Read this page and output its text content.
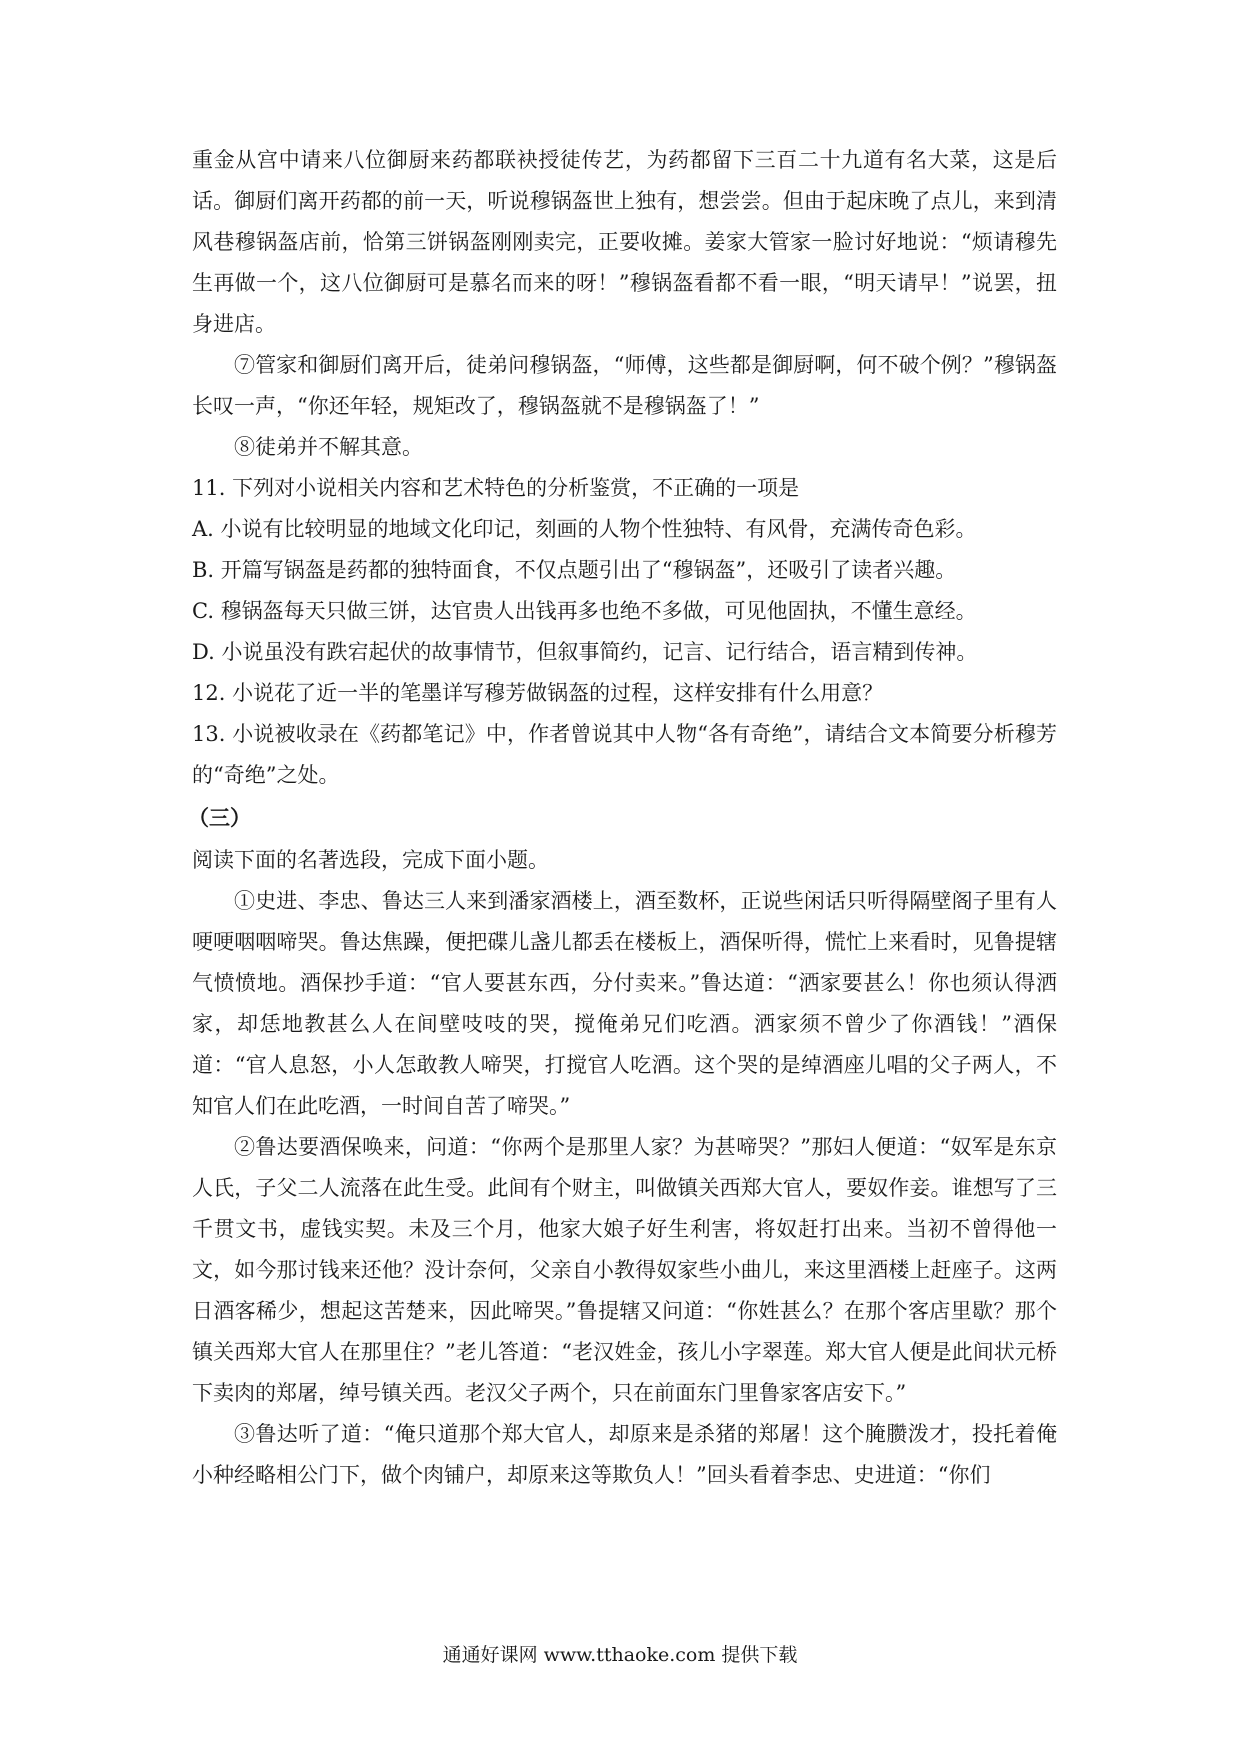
重金从宫中请来八位御厨来药都联袂授徒传艺，为药都留下三百二十九道有名大菜，这是后话。御厨们离开药都的前一天，听说穆锅盔世上独有，想尝尝。但由于起床晚了点儿，来到清风巷穆锅盔店前，恰第三饼锅盔刚刚卖完，正要收摊。姜家大管家一脸讨好地说：“烦请穆先生再做一个，这八位御厨可是慕名而来的呀！”穆锅盔看都不看一眼，“明天请早！”说罢，扭身进店。

⑦管家和御厨们离开后，徒弟问穆锅盔，“师傅，这些都是御厨啊，何不破个例？”穆锅盔长叹一声，“你还年轻，规矩改了，穆锅盔就不是穆锅盔了！”

⑧徒弟并不解其意。

11. 下列对小说相关内容和艺术特色的分析鉴赏，不正确的一项是

A. 小说有比较明显的地域文化印记，刻画的人物个性独特、有风骨，充满传奇色彩。

B. 开篇写锅盔是药都的独特面食，不仅点题引出了“穆锅盔”，还吸引了读者兴趣。

C. 穆锅盔每天只做三饼，达官贵人出钱再多也绝不多做，可见他固执，不懂生意经。

D. 小说虽没有跌宕起伏的故事情节，但叙事简约，记言、记行结合，语言精到传神。

12. 小说花了近一半的笔墨详写穆芳做锅盔的过程，这样安排有什么用意？

13. 小说被收录在《药都笔记》中，作者曾说其中人物“各有奇绝”，请结合文本简要分析穆芳的“奇绝”之处。

（三）

阅读下面的名著选段，完成下面小题。

①史进、李忠、鲁达三人来到潘家酒楼上，酒至数杯，正说些闲话只听得隔壁阁子里有人哽哽咽咽啼哭。鲁达焦躁，便把碟儿盏儿都丢在楼板上，酒保听得，慌忙上来看时，见鲁提辖气愤愤地。酒保抄手道：“官人要甚东西，分付卖来。”鲁达道：“洒家要甚么！你也须认得洒家，却恁地教甚么人在间壁吱吱的哭，搅俺弟兄们吃酒。洒家须不曾少了你酒钱！”酒保道：“官人息怒，小人怎敢教人啼哭，打搅官人吃酒。这个哭的是绰酒座儿唱的父子两人，不知官人们在此吃酒，一时间自苦了啼哭。”

②鲁达要酒保唤来，问道：“你两个是那里人家？为甚啼哭？”那妇人便道：“奴军是东京人氏，子父二人流落在此生受。此间有个财主，叫做镇关西郑大官人，要奴作妾。谁想写了三千贯文书，虚钱实契。未及三个月，他家大娘子好生利害，将奴赶打出来。当初不曾得他一文，如今那讨钱来还他？没计奈何，父亲自小教得奴家些小曲儿，来这里酒楼上赶座子。这两日酒客稀少，想起这苦楚来，因此啼哭。”鲁提辖又问道：“你姓甚么？在那个客店里歇？那个镇关西郑大官人在那里住？”老儿答道：“老汉姓金，孩儿小字翠莲。郑大官人便是此间状元桥下卖肉的郑屠，绰号镇关西。老汉父子两个，只在前面东门里鲁家客店安下。”

③鲁达听了道：“俺只道那个郑大官人，却原来是杀猪的郑屠！这个腌臜泼才，投托着俺小种经略相公门下，做个肉铺户，却原来这等欺负人！”回头看着李忠、史进道：“你们

通通好课网 www.tthaoke.com 提供下载
